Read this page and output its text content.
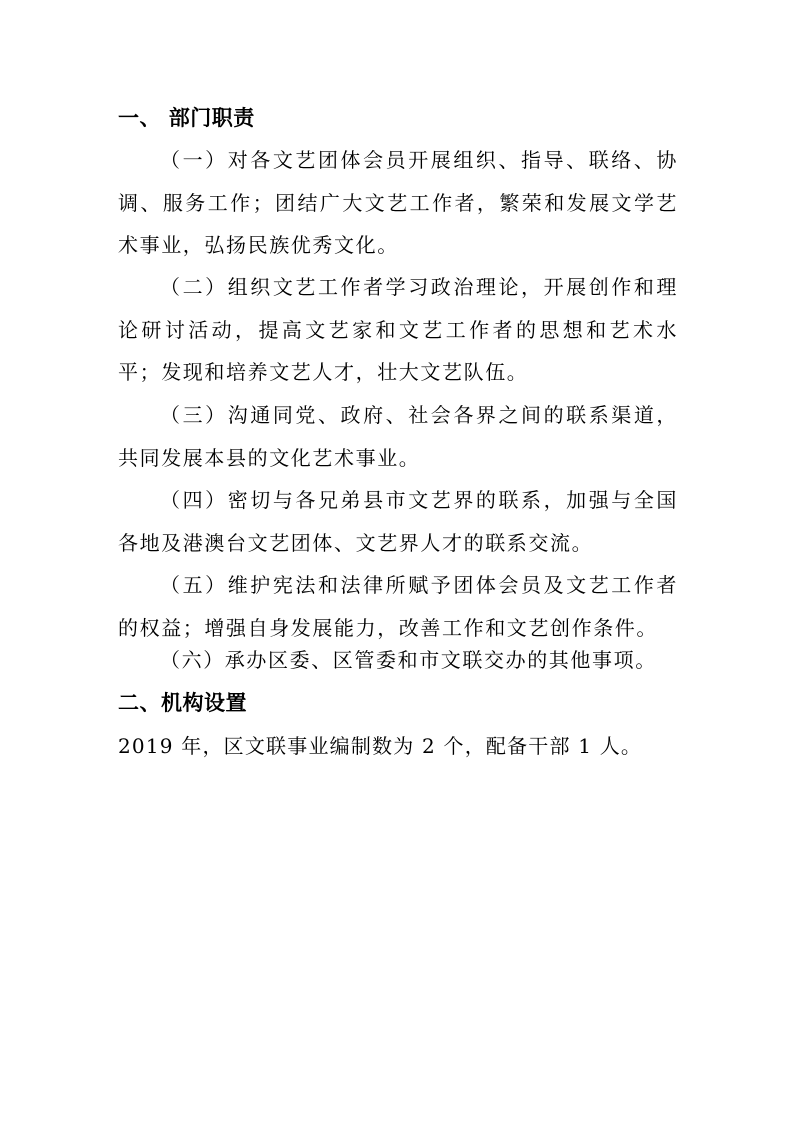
一、 部门职责

（一）对各文艺团体会员开展组织、指导、联络、协调、服务工作；团结广大文艺工作者，繁荣和发展文学艺术事业，弘扬民族优秀文化。

（二）组织文艺工作者学习政治理论，开展创作和理论研讨活动，提高文艺家和文艺工作者的思想和艺术水平；发现和培养文艺人才，壮大文艺队伍。

（三）沟通同党、政府、社会各界之间的联系渠道，共同发展本县的文化艺术事业。

（四）密切与各兄弟县市文艺界的联系，加强与全国各地及港澳台文艺团体、文艺界人才的联系交流。

（五）维护宪法和法律所赋予团体会员及文艺工作者的权益；增强自身发展能力，改善工作和文艺创作条件。

（六）承办区委、区管委和市文联交办的其他事项。

二、机构设置

2019 年，区文联事业编制数为 2 个，配备干部 1 人。
